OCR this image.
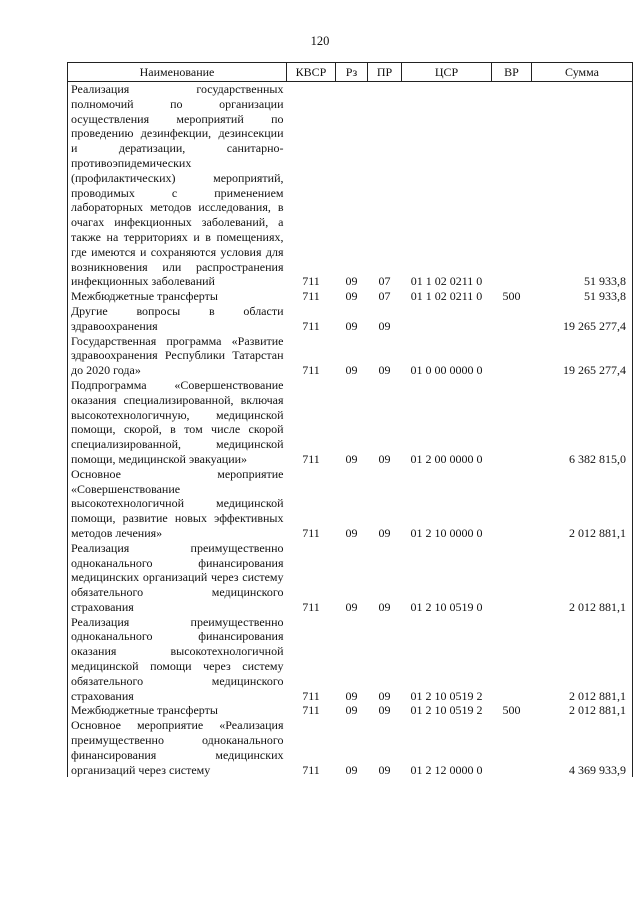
120
Наименование	КВСР	Рз	ПР	ЦСР	ВР	Сумма

Реализация государственных полномочий по организации осуществления мероприятий по проведению дезинфекции, дезинсекции и дератизации, санитарно-противоэпидемических (профилактических) мероприятий, проводимых с применением лабораторных методов исследования, в очагах инфекционных заболеваний, а также на территориях и в помещениях, где имеются и сохраняются условия для возникновения или распространения инфекционных заболеваний	711	09	07	01 1 02 0211 0		51 933,8

Межбюджетные трансферты	711	09	07	01 1 02 0211 0	500	51 933,8

Другие вопросы в области здравоохранения	711	09	09			19 265 277,4

Государственная программа «Развитие здравоохранения Республики Татарстан до 2020 года»	711	09	09	01 0 00 0000 0		19 265 277,4

Подпрограмма «Совершенствование оказания специализированной, включая высокотехнологичную, медицинской помощи, скорой, в том числе скорой специализированной, медицинской помощи, медицинской эвакуации»	711	09	09	01 2 00 0000 0		6 382 815,0

Основное мероприятие «Совершенствование высокотехнологичной медицинской помощи, развитие новых эффективных методов лечения»	711	09	09	01 2 10 0000 0		2 012 881,1

Реализация преимущественно одноканального финансирования медицинских организаций через систему обязательного медицинского страхования	711	09	09	01 2 10 0519 0		2 012 881,1

Реализация преимущественно одноканального финансирования оказания высокотехнологичной медицинской помощи через систему обязательного медицинского страхования	711	09	09	01 2 10 0519 2		2 012 881,1

Межбюджетные трансферты	711	09	09	01 2 10 0519 2	500	2 012 881,1

Основное мероприятие «Реализация преимущественно одноканального финансирования медицинских организаций через систему	711	09	09	01 2 12 0000 0		4 369 933,9
